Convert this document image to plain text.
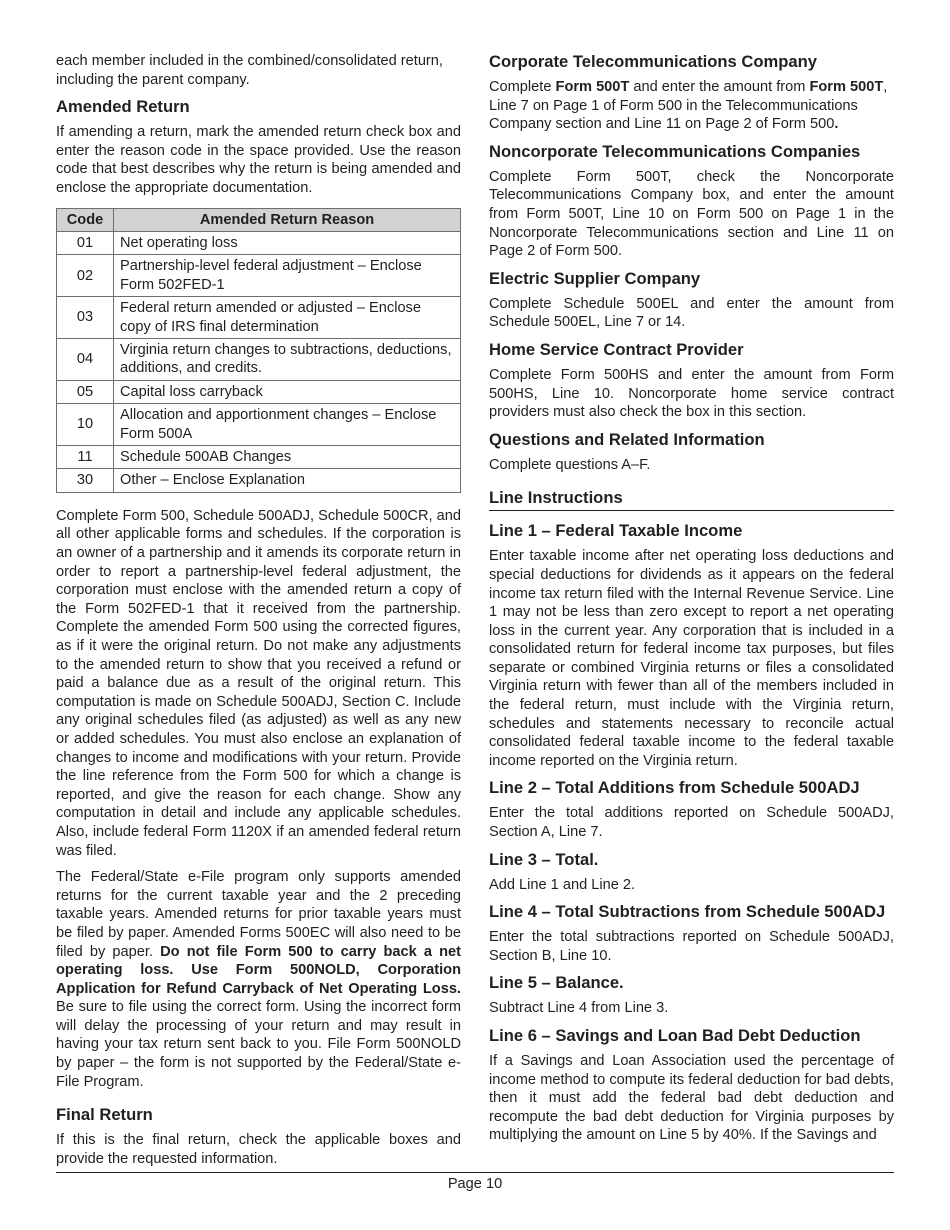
each member included in the combined/consolidated return, including the parent company.

Amended Return

If amending a return, mark the amended return check box and enter the reason code in the space provided. Use the reason code that best describes why the return is being amended and enclose the appropriate documentation.

Code	Amended Return Reason
01	Net operating loss
02	Partnership-level federal adjustment – Enclose Form 502FED-1
03	Federal return amended or adjusted – Enclose copy of IRS final determination
04	Virginia return changes to subtractions, deductions, additions, and credits.
05	Capital loss carryback
10	Allocation and apportionment changes – Enclose Form 500A
11	Schedule 500AB Changes
30	Other – Enclose Explanation

Complete Form 500, Schedule 500ADJ, Schedule 500CR, and all other applicable forms and schedules. If the corporation is an owner of a partnership and it amends its corporate return in order to report a partnership-level federal adjustment, the corporation must enclose with the amended return a copy of the Form 502FED-1 that it received from the partnership. Complete the amended Form 500 using the corrected figures, as if it were the original return. Do not make any adjustments to the amended return to show that you received a refund or paid a balance due as a result of the original return. This computation is made on Schedule 500ADJ, Section C. Include any original schedules filed (as adjusted) as well as any new or added schedules. You must also enclose an explanation of changes to income and modifications with your return. Provide the line reference from the Form 500 for which a change is reported, and give the reason for each change. Show any computation in detail and include any applicable schedules. Also, include federal Form 1120X if an amended federal return was filed.

The Federal/State e-File program only supports amended returns for the current taxable year and the 2 preceding taxable years. Amended returns for prior taxable years must be filed by paper. Amended Forms 500EC will also need to be filed by paper. Do not file Form 500 to carry back a net operating loss. Use Form 500NOLD, Corporation Application for Refund Carryback of Net Operating Loss. Be sure to file using the correct form. Using the incorrect form will delay the processing of your return and may result in having your tax return sent back to you. File Form 500NOLD by paper – the form is not supported by the Federal/State e-File Program.

Final Return

If this is the final return, check the applicable boxes and provide the requested information.

Corporate Telecommunications Company

Complete Form 500T and enter the amount from Form 500T, Line 7 on Page 1 of Form 500 in the Telecommunications Company section and Line 11 on Page 2 of Form 500.

Noncorporate Telecommunications Companies

Complete Form 500T, check the Noncorporate Telecommunications Company box, and enter the amount from Form 500T, Line 10 on Form 500 on Page 1 in the Noncorporate Telecommunications section and Line 11 on Page 2 of Form 500.

Electric Supplier Company

Complete Schedule 500EL and enter the amount from Schedule 500EL, Line 7 or 14.

Home Service Contract Provider

Complete Form 500HS and enter the amount from Form 500HS, Line 10. Noncorporate home service contract providers must also check the box in this section.

Questions and Related Information

Complete questions A–F.

Line Instructions
Line 1 – Federal Taxable Income

Enter taxable income after net operating loss deductions and special deductions for dividends as it appears on the federal income tax return filed with the Internal Revenue Service. Line 1 may not be less than zero except to report a net operating loss in the current year. Any corporation that is included in a consolidated return for federal income tax purposes, but files separate or combined Virginia returns or files a consolidated Virginia return with fewer than all of the members included in the federal return, must include with the Virginia return, schedules and statements necessary to reconcile actual consolidated federal taxable income to the federal taxable income reported on the Virginia return.

Line 2 – Total Additions from Schedule 500ADJ

Enter the total additions reported on Schedule 500ADJ, Section A, Line 7.

Line 3 – Total.

Add Line 1 and Line 2.

Line 4 – Total Subtractions from Schedule 500ADJ

Enter the total subtractions reported on Schedule 500ADJ, Section B, Line 10.

Line 5 – Balance.

Subtract Line 4 from Line 3.

Line 6 – Savings and Loan Bad Debt Deduction

If a Savings and Loan Association used the percentage of income method to compute its federal deduction for bad debts, then it must add the federal bad debt deduction and recompute the bad debt deduction for Virginia purposes by multiplying the amount on Line 5 by 40%. If the Savings and

Page 10
